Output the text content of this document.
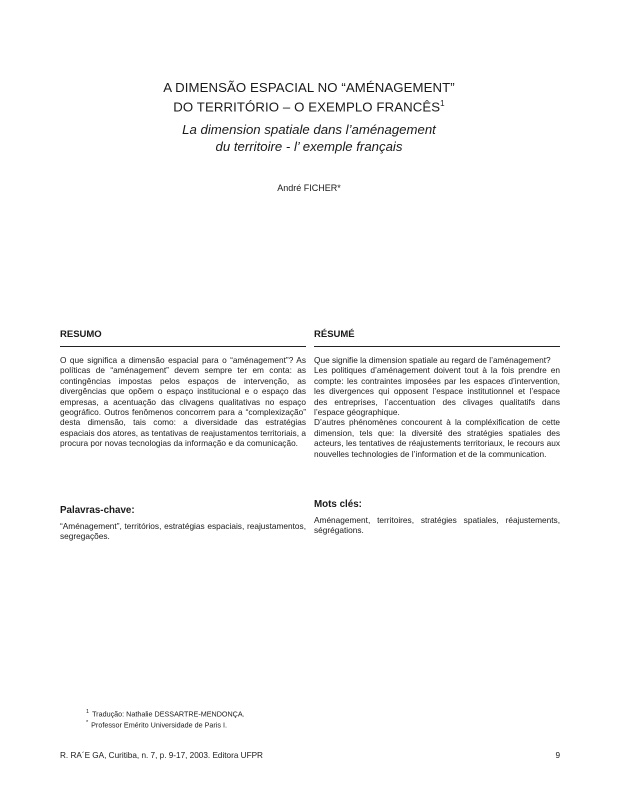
A DIMENSÃO ESPACIAL NO “AMÉNAGEMENT”
DO TERRITÓRIO – O EXEMPLO FRANCÊS$^1$
La dimension spatiale dans l’aménagement
du territoire - l’ exemple français
André FICHER*
RESUMO
O que significa a dimensão espacial para o “aménagement”? As políticas de “aménagement” devem sempre ter em conta: as contingências impostas pelos espaços de intervenção, as divergências que opõem o espaço institucional e o espaço das empresas, a acentuação das clivagens qualitativas no espaço geográfico. Outros fenômenos concorrem para a “complexização” desta dimensão, tais como: a diversidade das estratégias espaciais dos atores, as tentativas de reajustamentos territoriais, a procura por novas tecnologias da informação e da comunicação.
Palavras-chave:
“Aménagement”, territórios, estratégias espaciais, reajustamentos, segregações.
RÉSUMÉ
Que signifie la dimension spatiale au regard de l’aménagement?
Les politiques d’aménagement doivent tout à la fois prendre en compte: les contraintes imposées par les espaces d’intervention, les divergences qui opposent l’espace institutionnel et l’espace des entreprises, l’accentuation des clivages qualitatifs dans l’espace géographique.
D’autres phénomènes concourent à la compléxification de cette dimension, tels que: la diversité des stratégies spatiales des acteurs, les tentatives de réajustements territoriaux, le recours aux nouvelles technologies de l’information et de la communication.
Mots clés:
Aménagement, territoires, stratégies spatiales, réajustements, ségrégations.
$^1$ Tradução: Nathalie DESSARTRE-MENDONÇA.
* Professor Emérito Universidade de Paris I.
R. RA´E GA, Curitiba, n. 7, p. 9-17, 2003. Editora UFPR	9
